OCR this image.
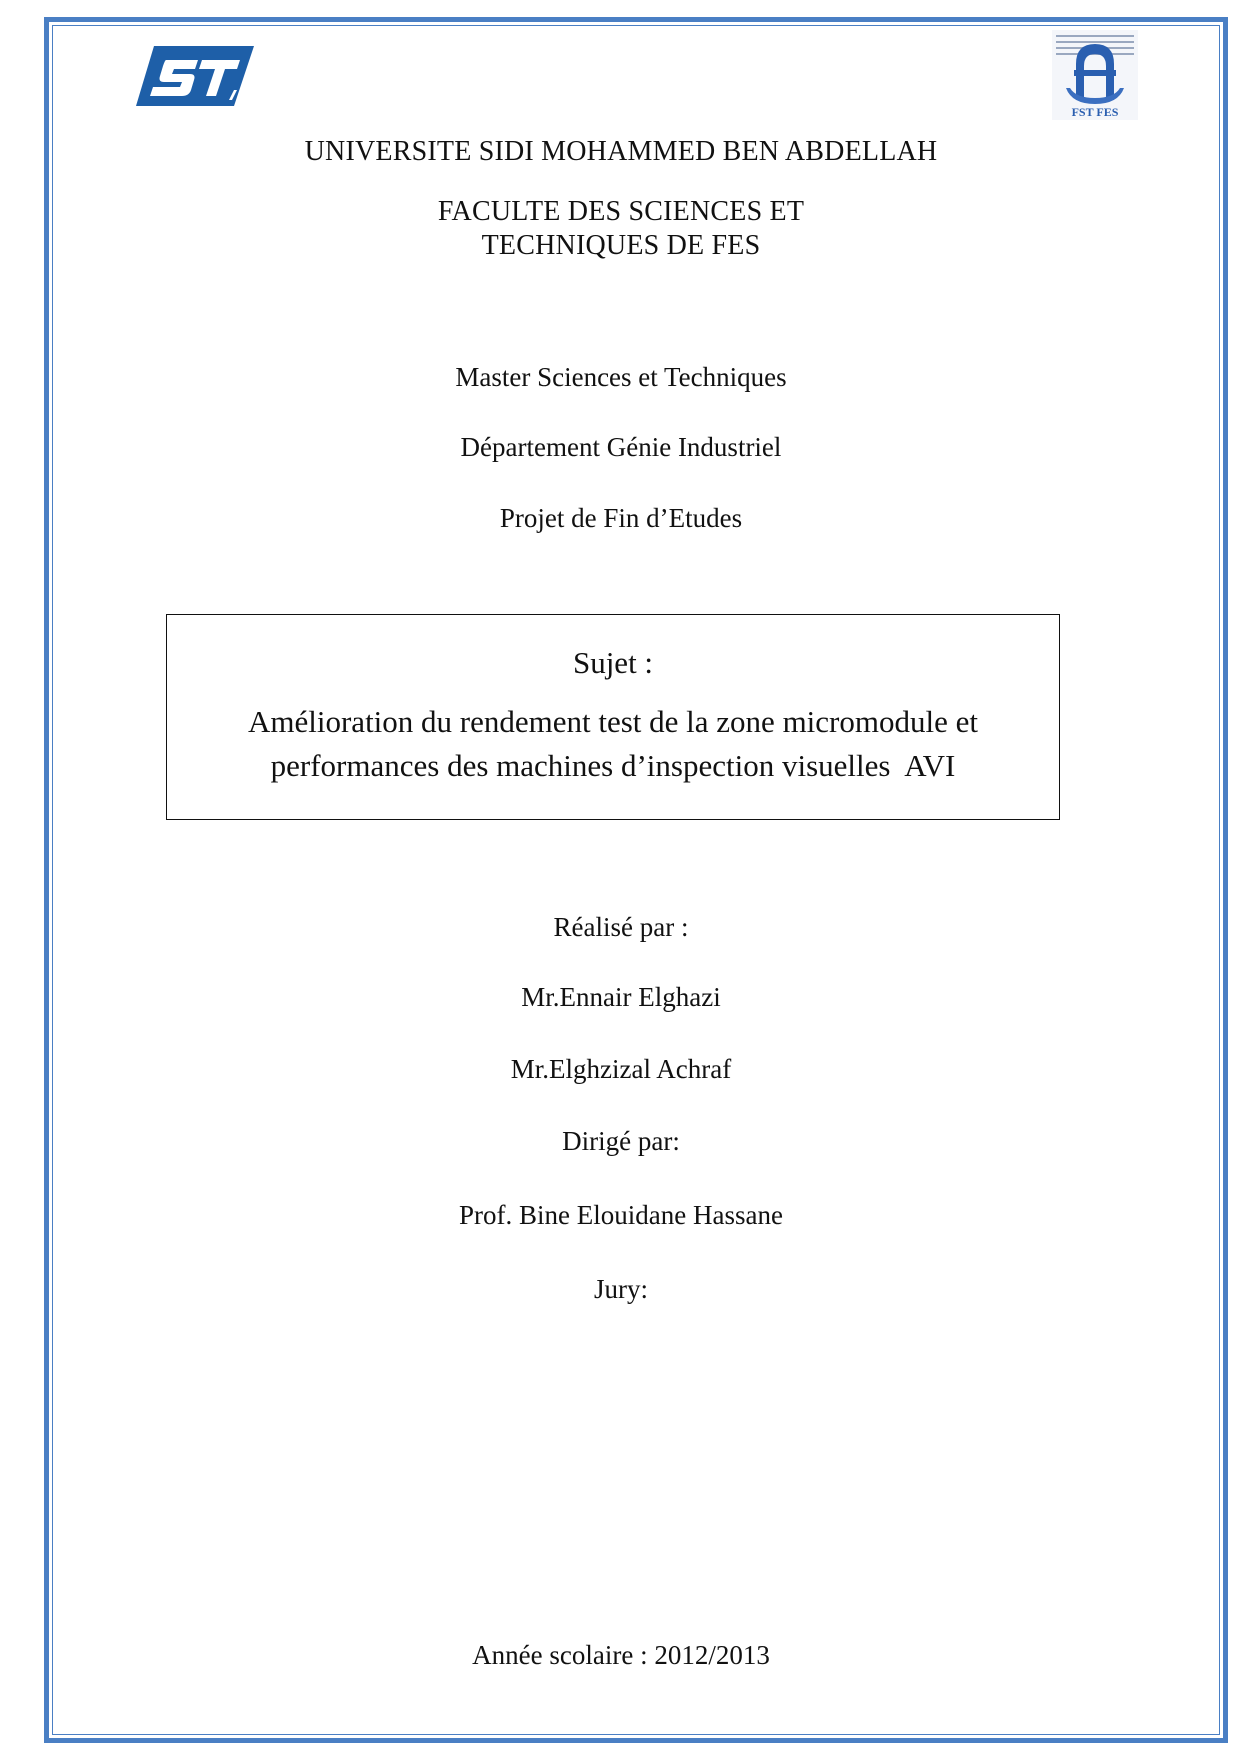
FST FES
UNIVERSITE SIDI MOHAMMED BEN ABDELLAH
FACULTE DES SCIENCES ET
TECHNIQUES DE FES
Master Sciences et Techniques
Département Génie Industriel
Projet de Fin d’Etudes
Sujet :
Amélioration du rendement test de la zone micromodule et
performances des machines d’inspection visuelles  AVI
Réalisé par :
Mr.Ennair Elghazi
Mr.Elghzizal Achraf
Dirigé par:
Prof. Bine Elouidane Hassane
Jury:
Année scolaire : 2012/2013
